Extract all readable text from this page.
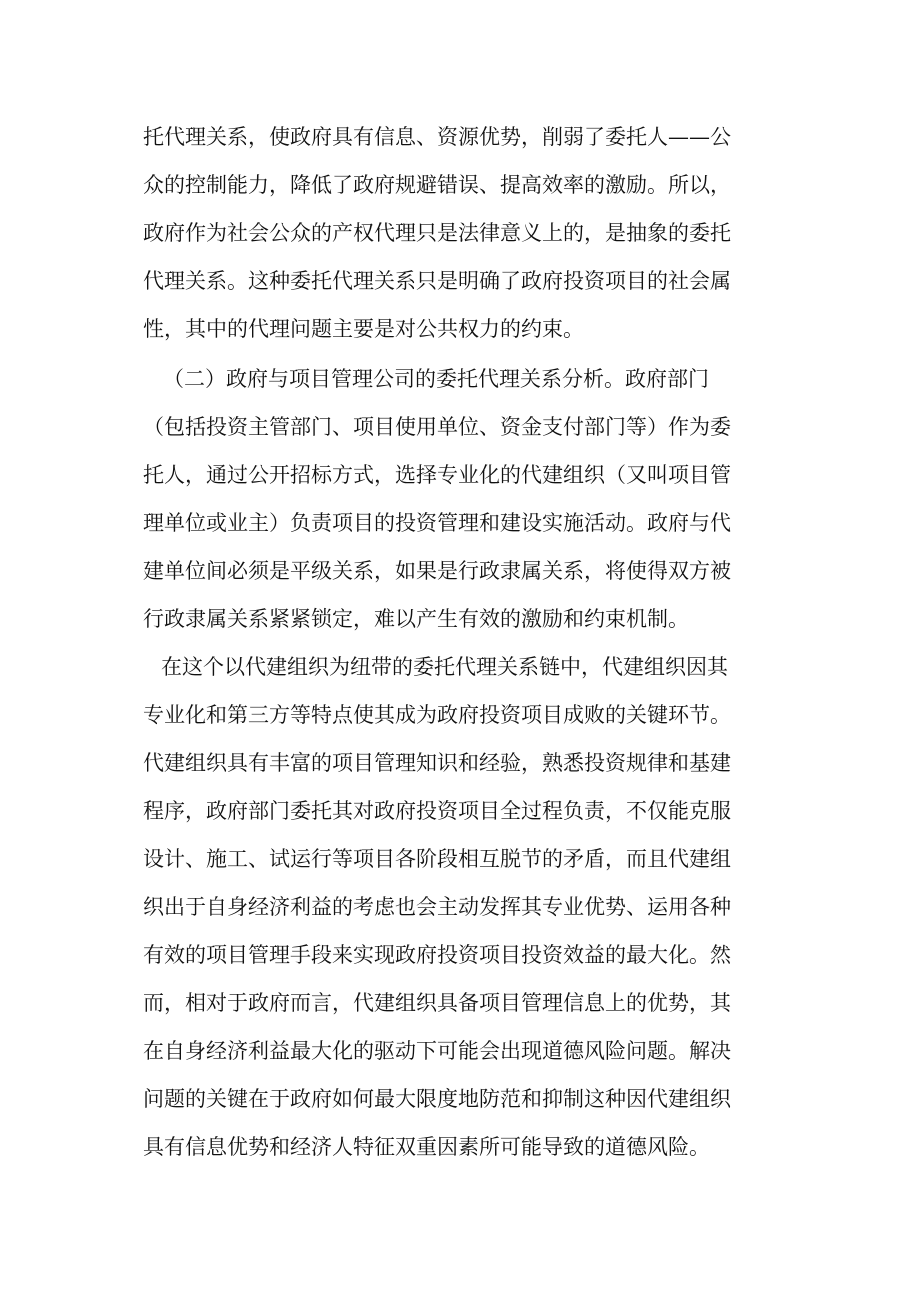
托代理关系，使政府具有信息、资源优势，削弱了委托人——公
众的控制能力，降低了政府规避错误、提高效率的激励。所以，
政府作为社会公众的产权代理只是法律意义上的，是抽象的委托
代理关系。这种委托代理关系只是明确了政府投资项目的社会属
性，其中的代理问题主要是对公共权力的约束。
（二）政府与项目管理公司的委托代理关系分析。政府部门
（包括投资主管部门、项目使用单位、资金支付部门等）作为委
托人，通过公开招标方式，选择专业化的代建组织（又叫项目管
理单位或业主）负责项目的投资管理和建设实施活动。政府与代
建单位间必须是平级关系，如果是行政隶属关系，将使得双方被
行政隶属关系紧紧锁定，难以产生有效的激励和约束机制。
在这个以代建组织为纽带的委托代理关系链中，代建组织因其
专业化和第三方等特点使其成为政府投资项目成败的关键环节。
代建组织具有丰富的项目管理知识和经验，熟悉投资规律和基建
程序，政府部门委托其对政府投资项目全过程负责，不仅能克服
设计、施工、试运行等项目各阶段相互脱节的矛盾，而且代建组
织出于自身经济利益的考虑也会主动发挥其专业优势、运用各种
有效的项目管理手段来实现政府投资项目投资效益的最大化。然
而，相对于政府而言，代建组织具备项目管理信息上的优势，其
在自身经济利益最大化的驱动下可能会出现道德风险问题。解决
问题的关键在于政府如何最大限度地防范和抑制这种因代建组织
具有信息优势和经济人特征双重因素所可能导致的道德风险。
